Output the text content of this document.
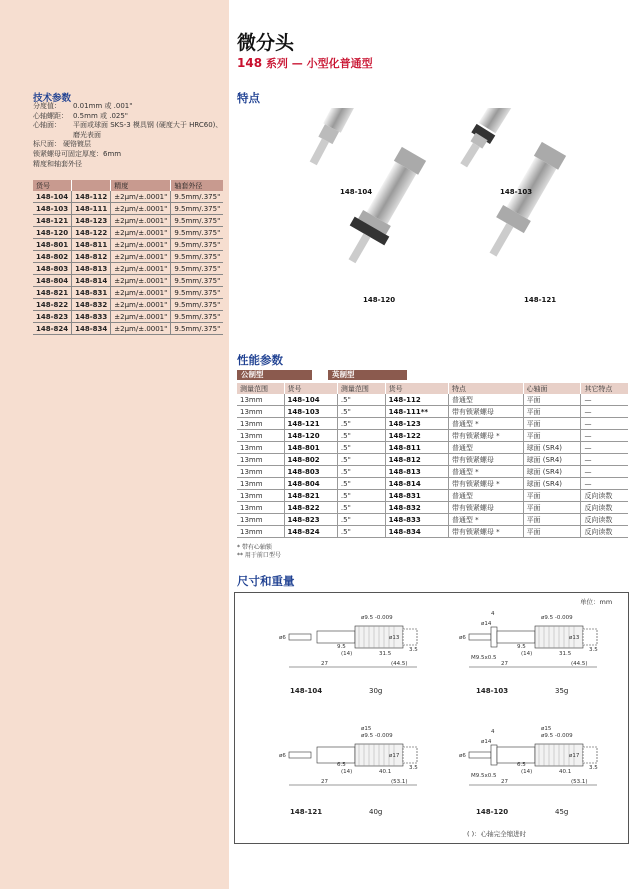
微分头
148 系列 — 小型化普通型
技术参数
分度值：	0.01mm 或 .001"
心轴螺距： 0.5mm 或 .025"
心轴面：	平面或球面 SKS-3 模具钢 (硬度大于 HRC60)、
磨光表面
标尺面： 硬铬镀层
锁紧螺母可固定厚度：6mm
精度和轴套外径
货号		精度	轴套外径
148-104	148-112	±2μm/±.0001"	9.5mm/.375"
148-103	148-111	±2μm/±.0001"	9.5mm/.375"
148-121	148-123	±2μm/±.0001"	9.5mm/.375"
148-120	148-122	±2μm/±.0001"	9.5mm/.375"
148-801	148-811	±2μm/±.0001"	9.5mm/.375"
148-802	148-812	±2μm/±.0001"	9.5mm/.375"
148-803	148-813	±2μm/±.0001"	9.5mm/.375"
148-804	148-814	±2μm/±.0001"	9.5mm/.375"
148-821	148-831	±2μm/±.0001"	9.5mm/.375"
148-822	148-832	±2μm/±.0001"	9.5mm/.375"
148-823	148-833	±2μm/±.0001"	9.5mm/.375"
148-824	148-834	±2μm/±.0001"	9.5mm/.375"
特点
148-104	148-103
148-120	148-121
性能参数
公制型	英制型
测量范围	货号	测量范围	货号	特点	心轴面	其它特点
13mm	148-104	.5"	148-112	普通型	平面	—
13mm	148-103	.5"	148-111**	带有锁紧螺母	平面	—
13mm	148-121	.5"	148-123	普通型 *	平面	—
13mm	148-120	.5"	148-122	带有锁紧螺母 *	平面	—
13mm	148-801	.5"	148-811	普通型	球面 (SR4)	—
13mm	148-802	.5"	148-812	带有锁紧螺母	球面 (SR4)	—
13mm	148-803	.5"	148-813	普通型 *	球面 (SR4)	—
13mm	148-804	.5"	148-814	带有锁紧螺母 *	球面 (SR4)	—
13mm	148-821	.5"	148-831	普通型	平面	反向读数
13mm	148-822	.5"	148-832	带有锁紧螺母	平面	反向读数
13mm	148-823	.5"	148-833	普通型 *	平面	反向读数
13mm	148-824	.5"	148-834	带有锁紧螺母 *	平面	反向读数
* 带有心轴锁
** 用于前口型号
尺寸和重量
单位：mm
27	(44.5)
(14)	31.5
3.5
9.5
ø9.5 -0.009
ø6	ø13
27	(44.5)
(14)	31.5
3.5
9.5
ø9.5 -0.009
ø6	ø13
M9.5x0.5
4
ø14
27	(53.1)
(14)	40.1
3.5
6.5
ø9.5 -0.009
ø6	ø17
ø15
27	(53.1)
(14)	40.1
3.5
6.5
ø9.5 -0.009
ø6	ø17
ø15
M9.5x0.5
4
ø14
148-104	30g	148-103	35g
148-121	40g	148-120	45g
( )：心轴完全缩进时
